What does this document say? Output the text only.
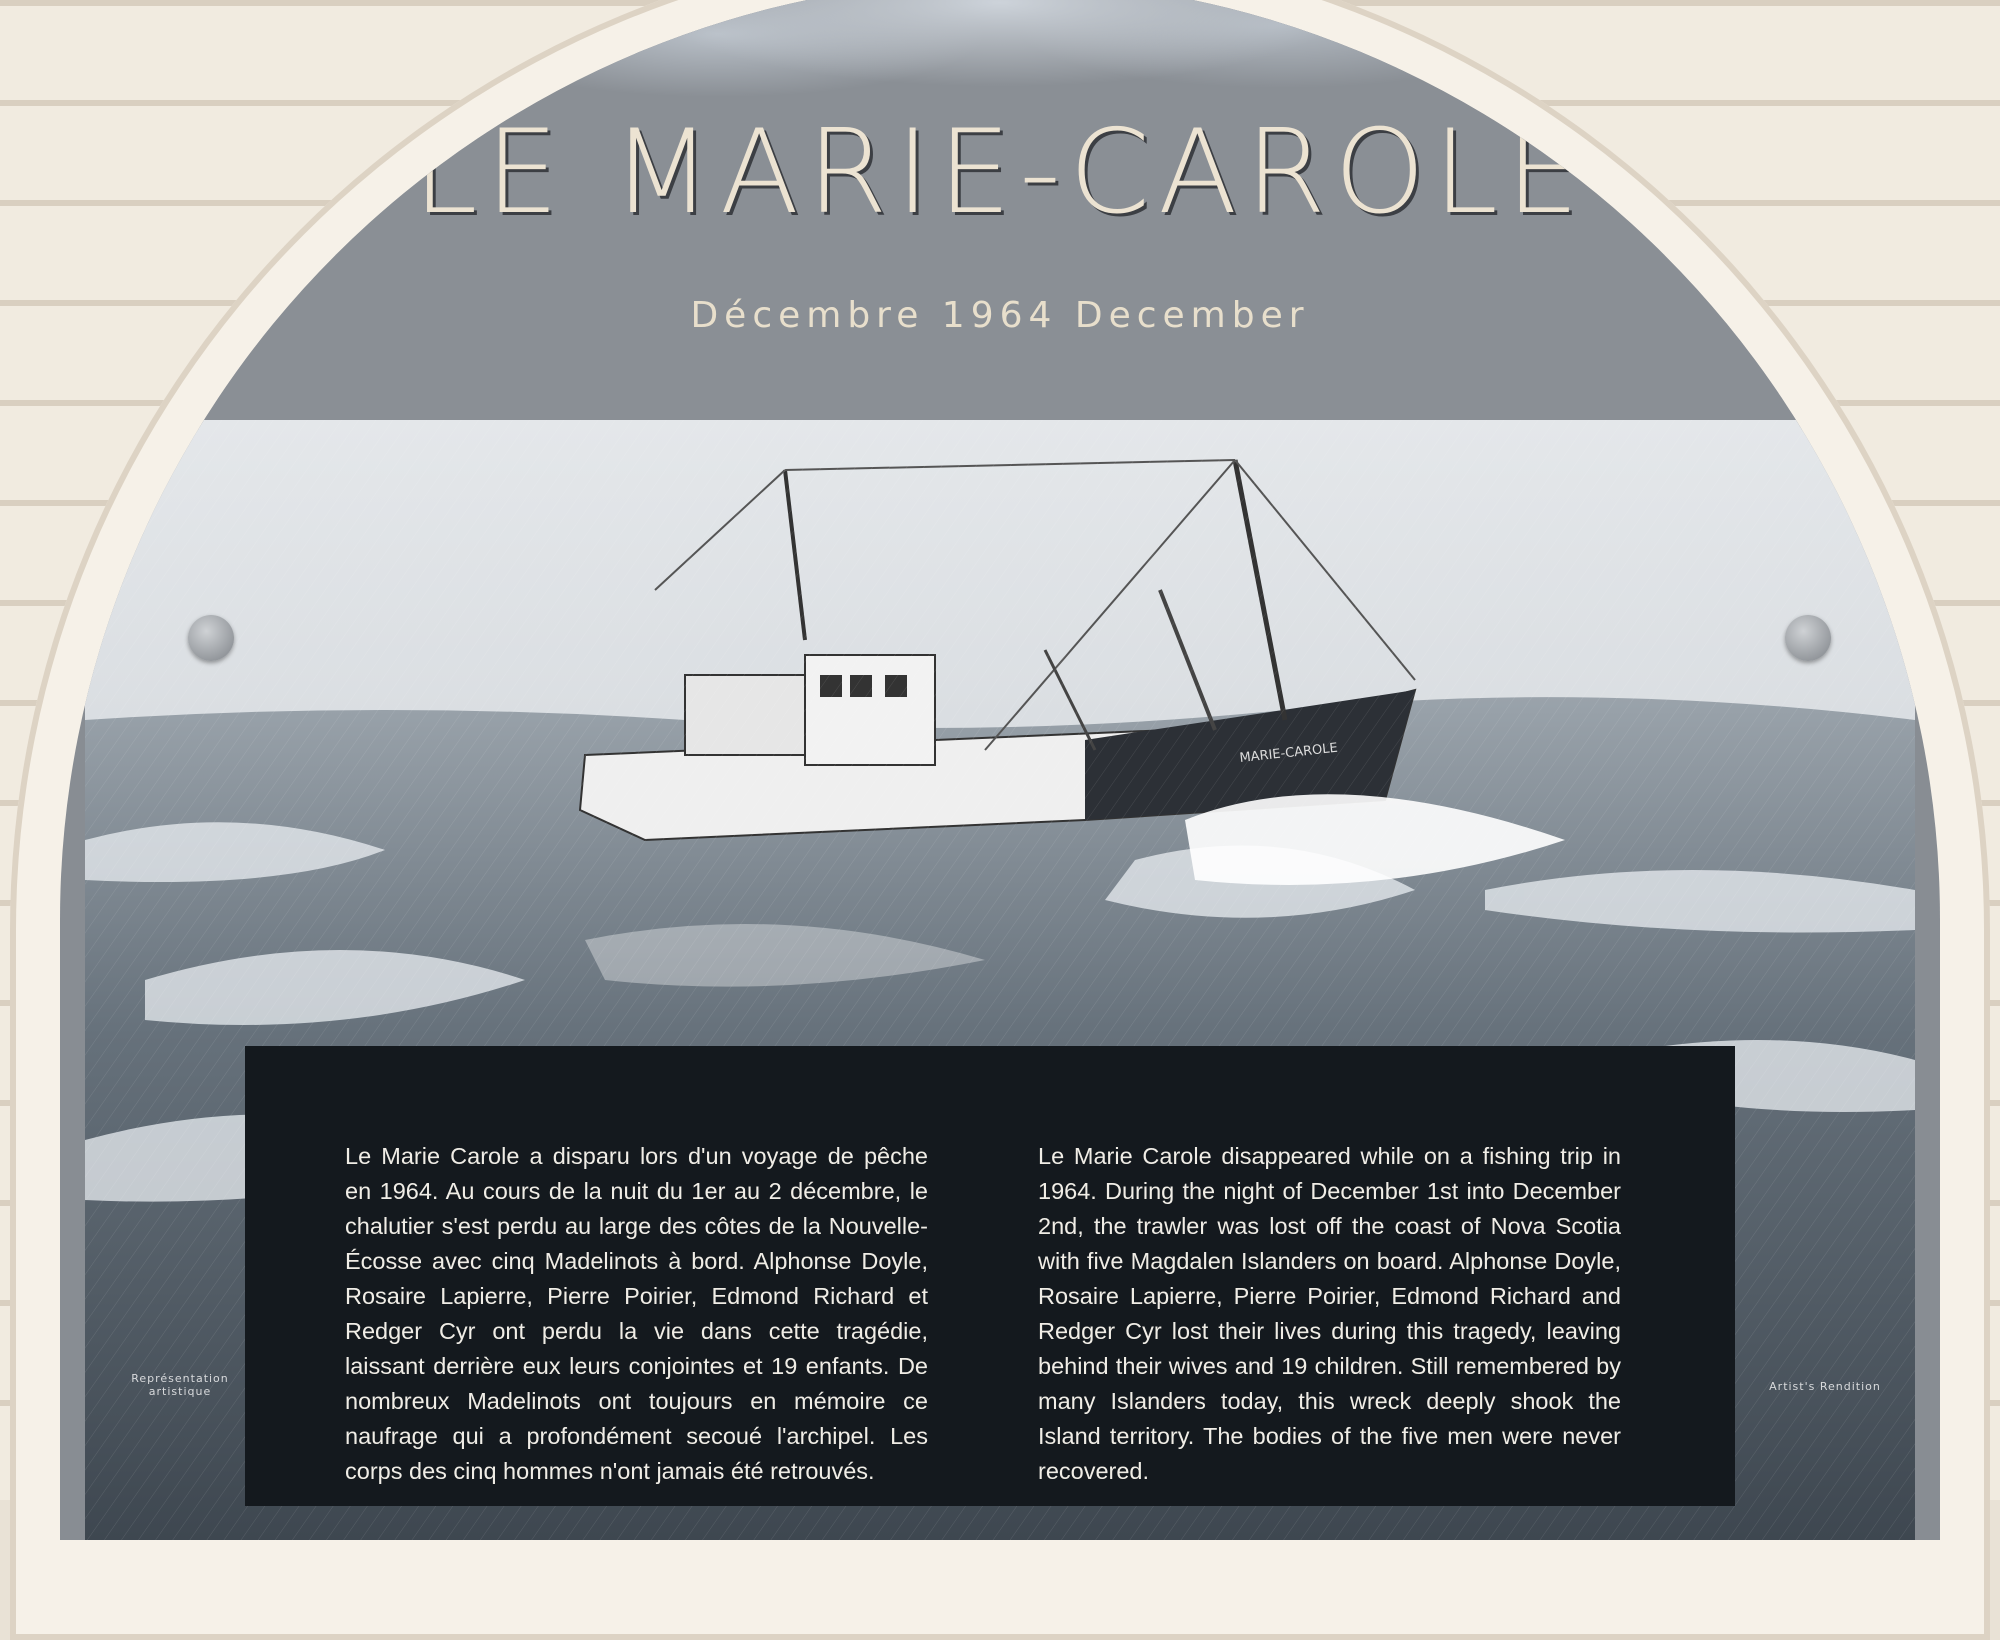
LE MARIE-CAROLE
Décembre 1964 December
Représentation
artistique	Artist's Rendition
Le Marie Carole a disparu lors d'un voyage de pêche en 1964. Au cours de la nuit du 1er au 2 décembre, le chalutier s'est perdu au large des côtes de la Nouvelle-Écosse avec cinq Madelinots à bord. Alphonse Doyle, Rosaire Lapierre, Pierre Poirier, Edmond Richard et Redger Cyr ont perdu la vie dans cette tragédie, laissant derrière eux leurs conjointes et 19 enfants. De nombreux Madelinots ont toujours en mémoire ce naufrage qui a profondément secoué l'archipel. Les corps des cinq hommes n'ont jamais été retrouvés.
Le Marie Carole disappeared while on a fishing trip in 1964. During the night of December 1st into December 2nd, the trawler was lost off the coast of Nova Scotia with five Magdalen Islanders on board. Alphonse Doyle, Rosaire Lapierre, Pierre Poirier, Edmond Richard and Redger Cyr lost their lives during this tragedy, leaving behind their wives and 19 children. Still remembered by many Islanders today, this wreck deeply shook the Island territory. The bodies of the five men were never recovered.
